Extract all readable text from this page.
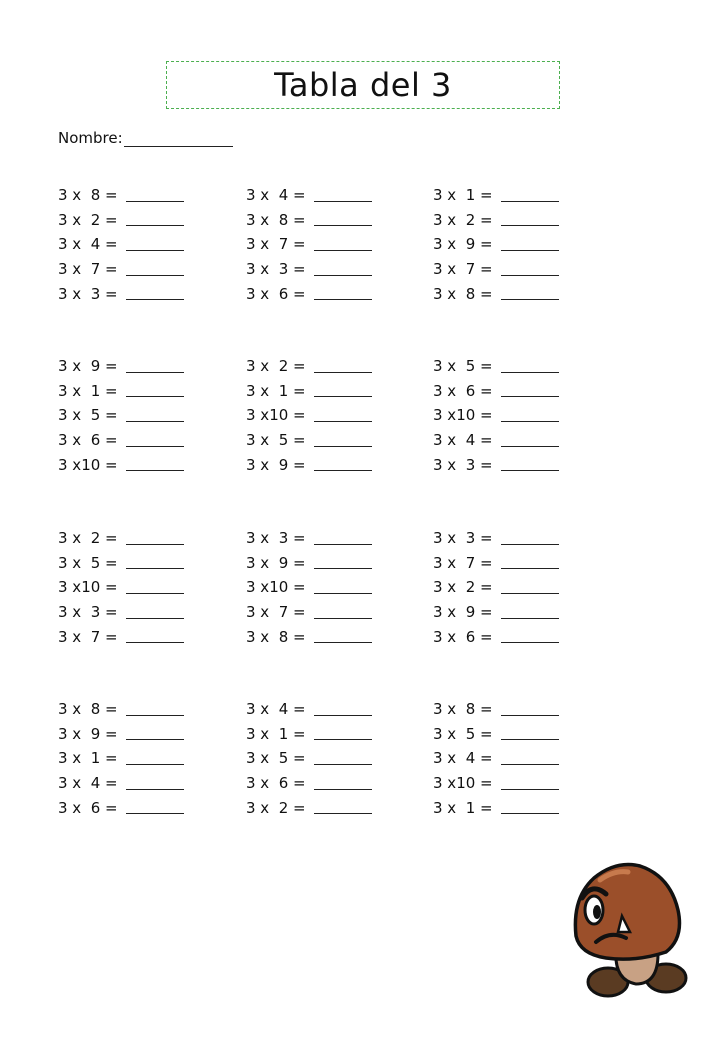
Tabla del 3
Nombre:
3 x  8 =
3 x  2 =
3 x  4 =
3 x  7 =
3 x  3 =
3 x  4 =
3 x  8 =
3 x  7 =
3 x  3 =
3 x  6 =
3 x  1 =
3 x  2 =
3 x  9 =
3 x  7 =
3 x  8 =
3 x  9 =
3 x  1 =
3 x  5 =
3 x  6 =
3 x10 =
3 x  2 =
3 x  1 =
3 x10 =
3 x  5 =
3 x  9 =
3 x  5 =
3 x  6 =
3 x10 =
3 x  4 =
3 x  3 =
3 x  2 =
3 x  5 =
3 x10 =
3 x  3 =
3 x  7 =
3 x  3 =
3 x  9 =
3 x10 =
3 x  7 =
3 x  8 =
3 x  3 =
3 x  7 =
3 x  2 =
3 x  9 =
3 x  6 =
3 x  8 =
3 x  9 =
3 x  1 =
3 x  4 =
3 x  6 =
3 x  4 =
3 x  1 =
3 x  5 =
3 x  6 =
3 x  2 =
3 x  8 =
3 x  5 =
3 x  4 =
3 x10 =
3 x  1 =
